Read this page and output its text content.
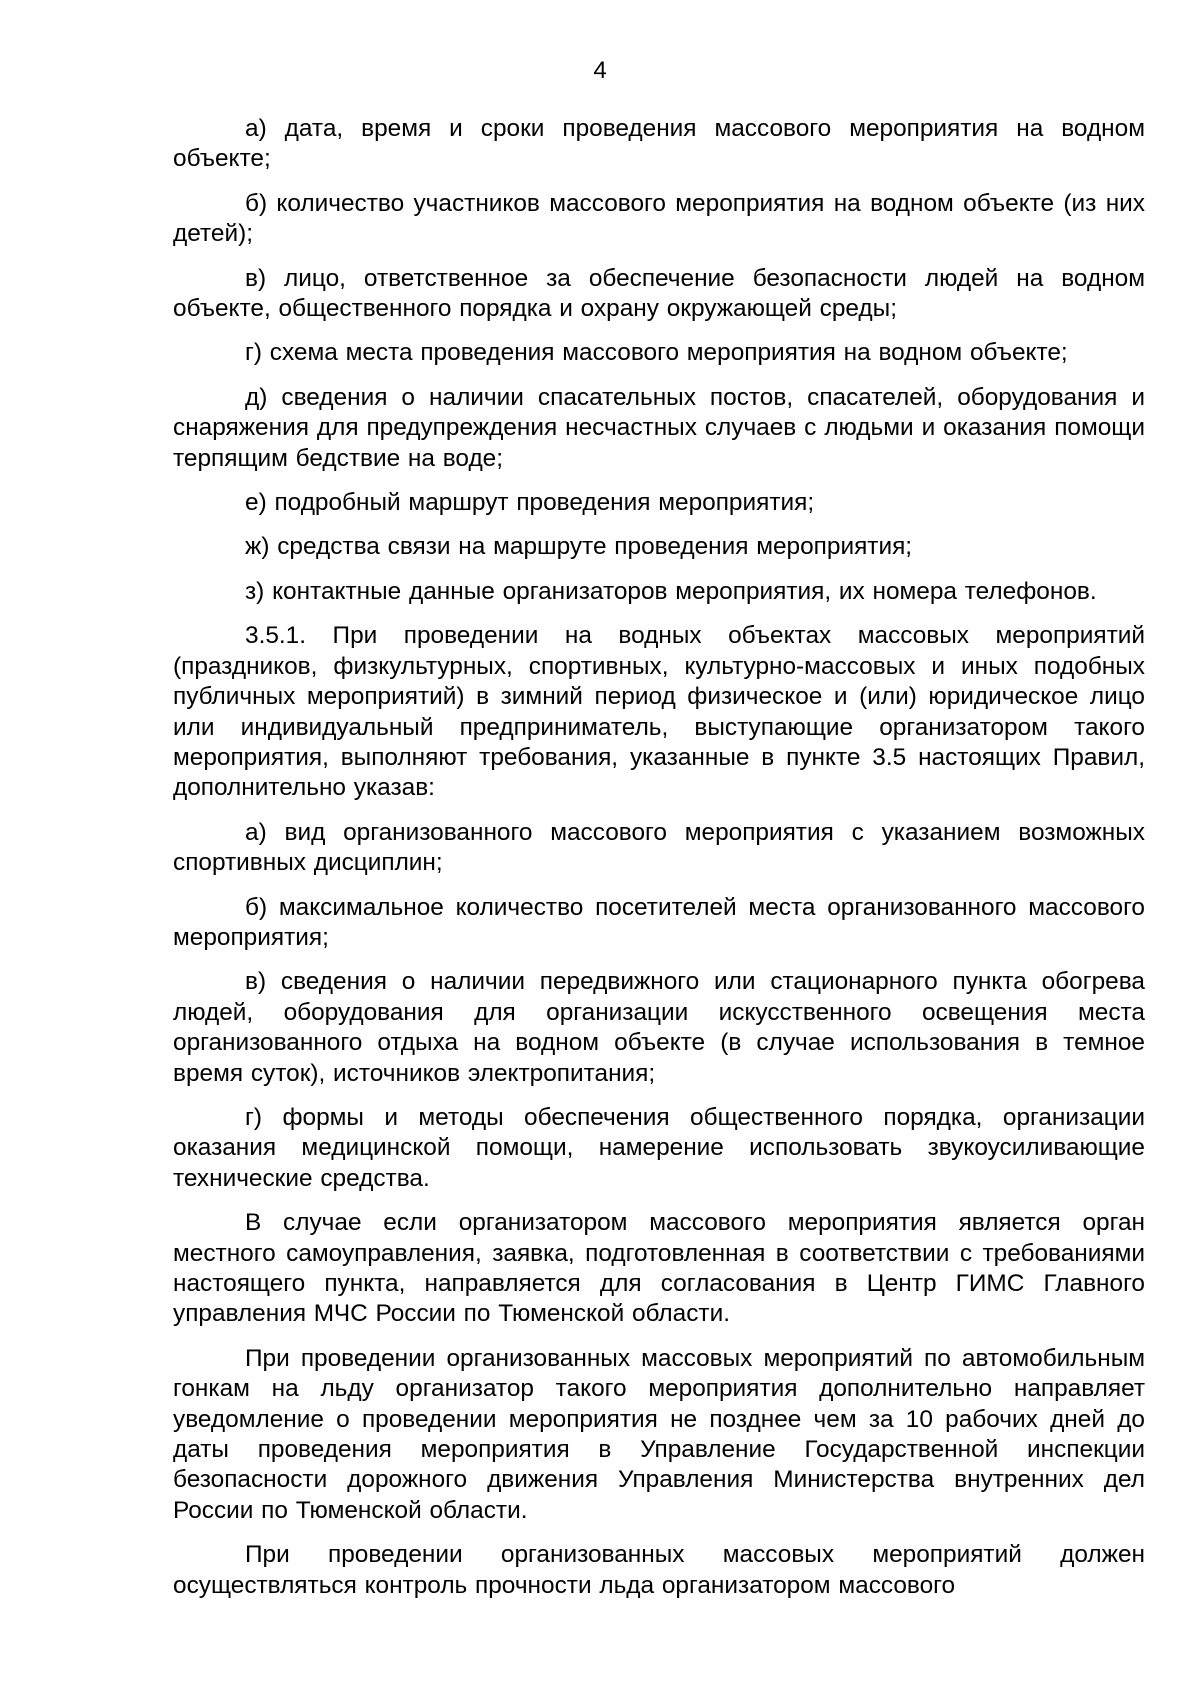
4

а) дата, время и сроки проведения массового мероприятия на водном объекте;

б) количество участников массового мероприятия на водном объекте (из них детей);

в) лицо, ответственное за обеспечение безопасности людей на водном объекте, общественного порядка и охрану окружающей среды;

г) схема места проведения массового мероприятия на водном объекте;

д) сведения о наличии спасательных постов, спасателей, оборудования и снаряжения для предупреждения несчастных случаев с людьми и оказания помощи терпящим бедствие на воде;

е) подробный маршрут проведения мероприятия;

ж) средства связи на маршруте проведения мероприятия;

з) контактные данные организаторов мероприятия, их номера телефонов.

3.5.1. При проведении на водных объектах массовых мероприятий (праздников, физкультурных, спортивных, культурно-массовых и иных подобных публичных мероприятий) в зимний период физическое и (или) юридическое лицо или индивидуальный предприниматель, выступающие организатором такого мероприятия, выполняют требования, указанные в пункте 3.5 настоящих Правил, дополнительно указав:

а) вид организованного массового мероприятия с указанием возможных спортивных дисциплин;

б) максимальное количество посетителей места организованного массового мероприятия;

в) сведения о наличии передвижного или стационарного пункта обогрева людей, оборудования для организации искусственного освещения места организованного отдыха на водном объекте (в случае использования в темное время суток), источников электропитания;

г) формы и методы обеспечения общественного порядка, организации оказания медицинской помощи, намерение использовать звукоусиливающие технические средства.

В случае если организатором массового мероприятия является орган местного самоуправления, заявка, подготовленная в соответствии с требованиями настоящего пункта, направляется для согласования в Центр ГИМС Главного управления МЧС России по Тюменской области.

При проведении организованных массовых мероприятий по автомобильным гонкам на льду организатор такого мероприятия дополнительно направляет уведомление о проведении мероприятия не позднее чем за 10 рабочих дней до даты проведения мероприятия в Управление Государственной инспекции безопасности дорожного движения Управления Министерства внутренних дел России по Тюменской области.

При проведении организованных массовых мероприятий должен осуществляться контроль прочности льда организатором массового
